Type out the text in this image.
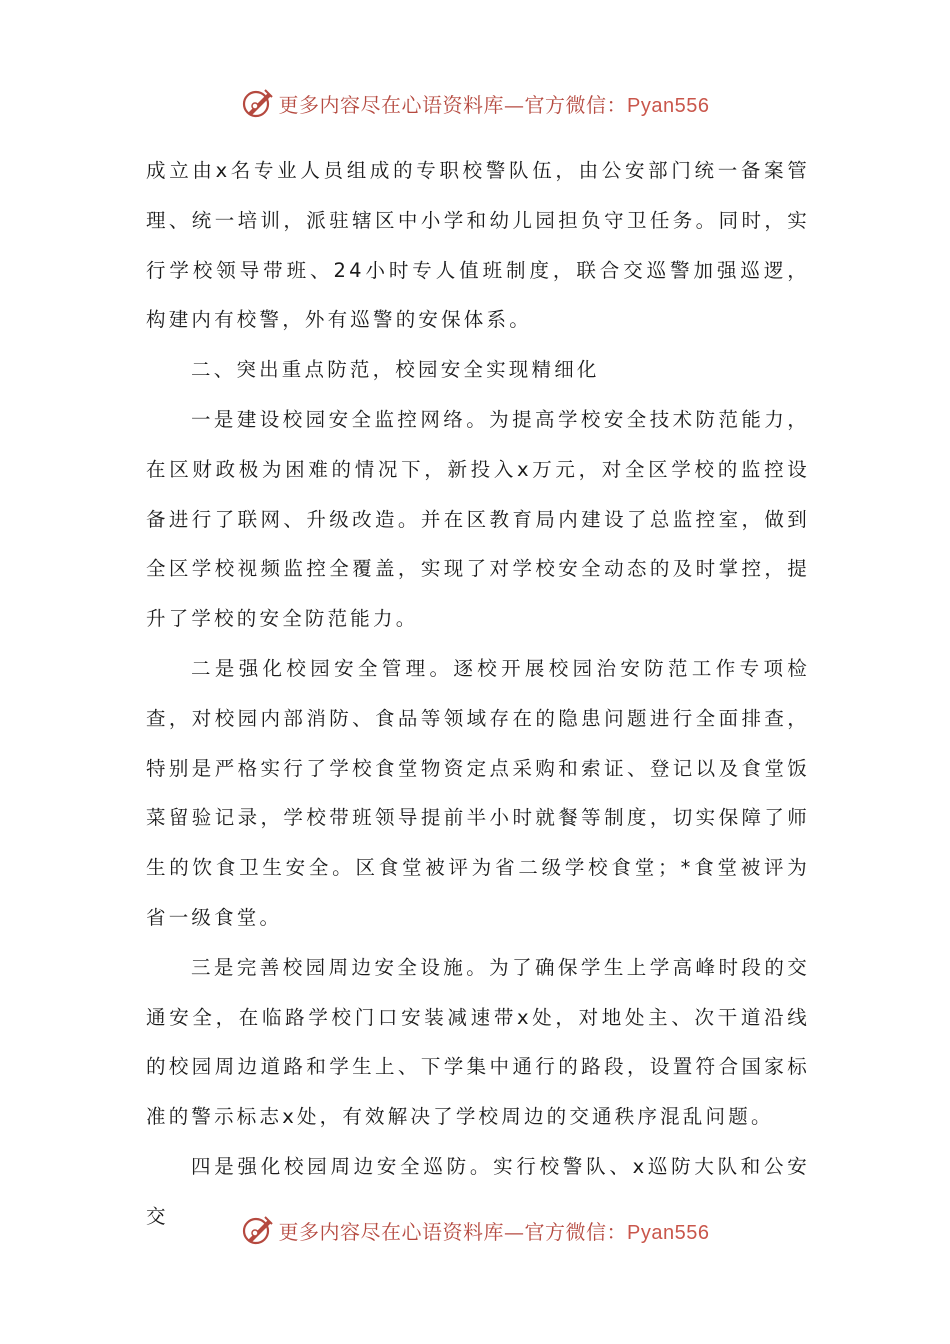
更多内容尽在心语资料库—官方微信：Pyan556

成立由x名专业人员组成的专职校警队伍，由公安部门统一备案管理、统一培训，派驻辖区中小学和幼儿园担负守卫任务。同时，实行学校领导带班、24小时专人值班制度，联合交巡警加强巡逻，构建内有校警，外有巡警的安保体系。

二、突出重点防范，校园安全实现精细化

一是建设校园安全监控网络。为提高学校安全技术防范能力，在区财政极为困难的情况下，新投入x万元，对全区学校的监控设备进行了联网、升级改造。并在区教育局内建设了总监控室，做到全区学校视频监控全覆盖，实现了对学校安全动态的及时掌控，提升了学校的安全防范能力。

二是强化校园安全管理。逐校开展校园治安防范工作专项检查，对校园内部消防、食品等领域存在的隐患问题进行全面排查，特别是严格实行了学校食堂物资定点采购和索证、登记以及食堂饭菜留验记录，学校带班领导提前半小时就餐等制度，切实保障了师生的饮食卫生安全。区食堂被评为省二级学校食堂；*食堂被评为省一级食堂。

三是完善校园周边安全设施。为了确保学生上学高峰时段的交通安全，在临路学校门口安装减速带x处，对地处主、次干道沿线的校园周边道路和学生上、下学集中通行的路段，设置符合国家标准的警示标志x处，有效解决了学校周边的交通秩序混乱问题。

四是强化校园周边安全巡防。实行校警队、x巡防大队和公安交

更多内容尽在心语资料库—官方微信：Pyan556
